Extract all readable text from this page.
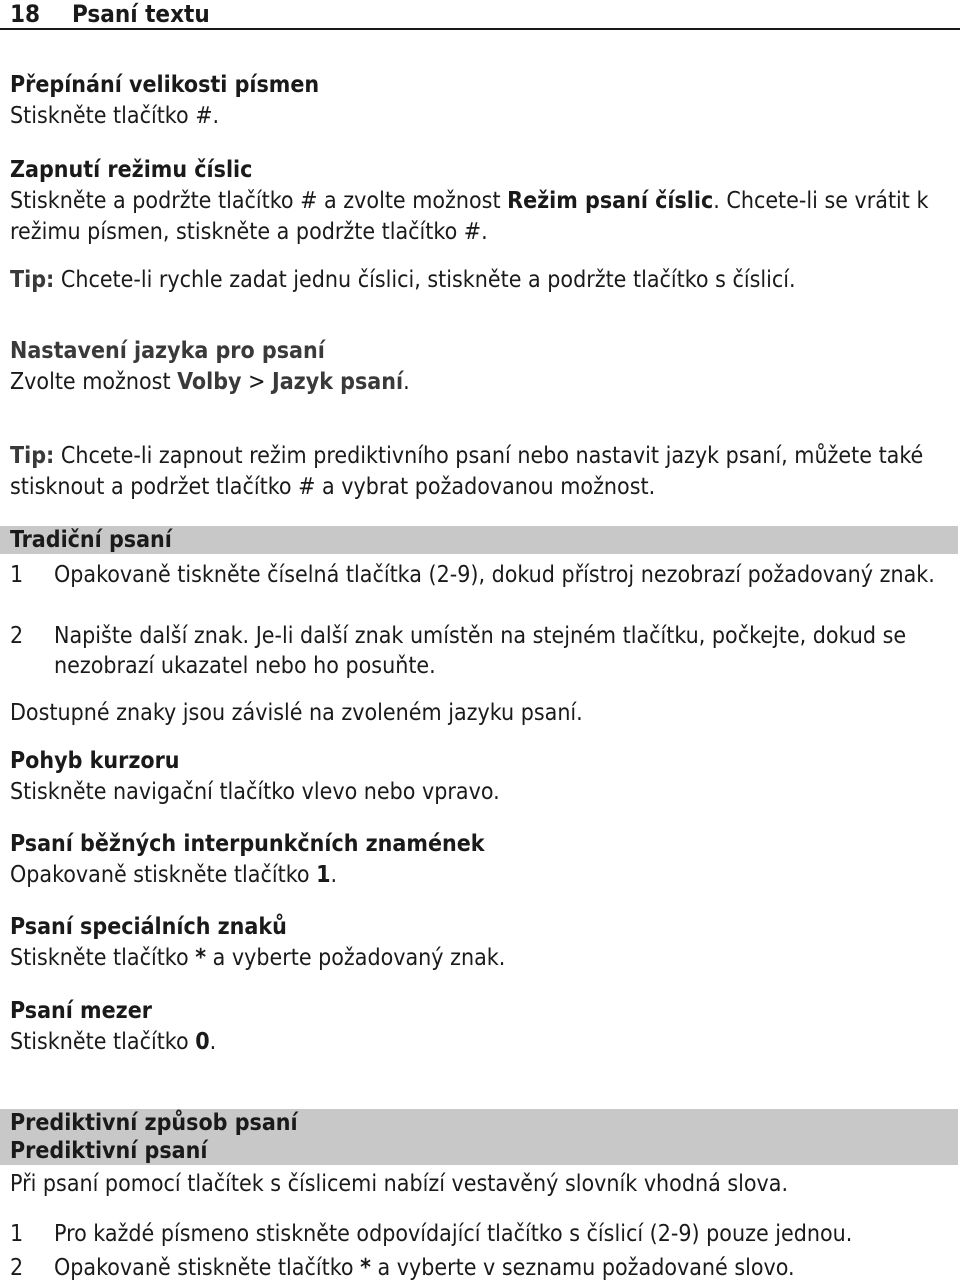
18 Psaní textu
Přepínání velikosti písmen
Stiskněte tlačítko #.
Zapnutí režimu číslic
Stiskněte a podržte tlačítko # a zvolte možnost Režim psaní číslic. Chcete-li se vrátit k režimu písmen, stiskněte a podržte tlačítko #.
Tip: Chcete-li rychle zadat jednu číslici, stiskněte a podržte tlačítko s číslicí.
Nastavení jazyka pro psaní
Zvolte možnost Volby > Jazyk psaní.
Tip: Chcete-li zapnout režim prediktivního psaní nebo nastavit jazyk psaní, můžete také stisknout a podržet tlačítko # a vybrat požadovanou možnost.
Tradiční psaní
1 Opakovaně tiskněte číselná tlačítka (2-9), dokud přístroj nezobrazí požadovaný znak.
2 Napište další znak. Je-li další znak umístěn na stejném tlačítku, počkejte, dokud se nezobrazí ukazatel nebo ho posuňte.
Dostupné znaky jsou závislé na zvoleném jazyku psaní.
Pohyb kurzoru
Stiskněte navigační tlačítko vlevo nebo vpravo.
Psaní běžných interpunkčních znamének
Opakovaně stiskněte tlačítko 1.
Psaní speciálních znaků
Stiskněte tlačítko * a vyberte požadovaný znak.
Psaní mezer
Stiskněte tlačítko 0.
Prediktivní způsob psaní
Prediktivní psaní
Při psaní pomocí tlačítek s číslicemi nabízí vestavěný slovník vhodná slova.
1 Pro každé písmeno stiskněte odpovídající tlačítko s číslicí (2-9) pouze jednou.
2 Opakovaně stiskněte tlačítko * a vyberte v seznamu požadované slovo.
